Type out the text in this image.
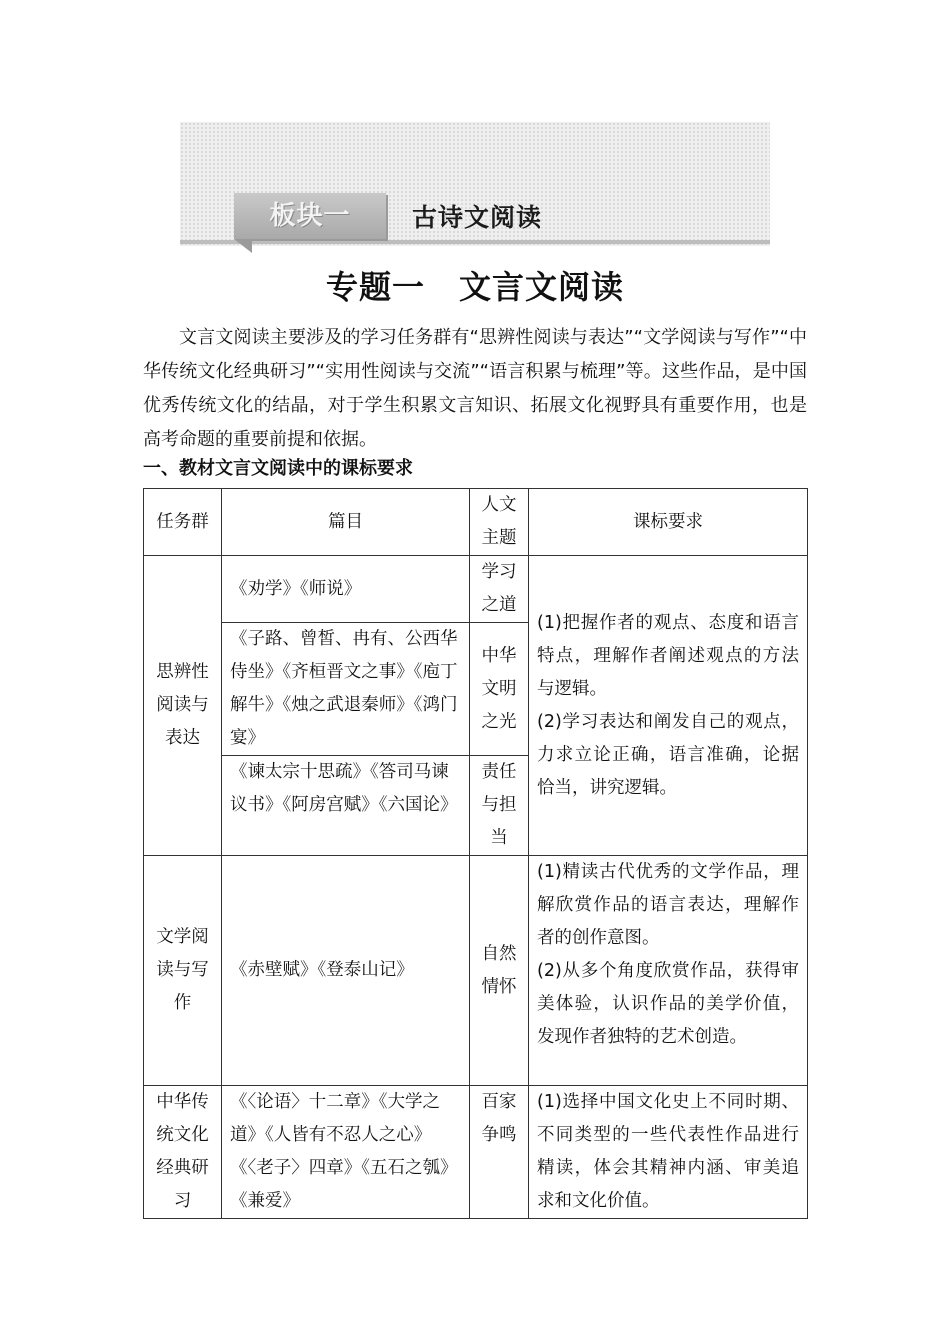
板块一	古诗文阅读
专题一 文言文阅读

文言文阅读主要涉及的学习任务群有“思辨性阅读与表达”“文学阅读与写作”“中华传统文化经典研习”“实用性阅读与交流”“语言积累与梳理”等。这些作品，是中国优秀传统文化的结晶，对于学生积累文言知识、拓展文化视野具有重要作用，也是高考命题的重要前提和依据。

一、教材文言文阅读中的课标要求
任务群	篇目	人文主题	课标要求
思辨性阅读与表达	《劝学》《师说》	学习之道	(1)把握作者的观点、态度和语言特点，理解作者阐述观点的方法与逻辑。
(2)学习表达和阐发自己的观点，力求立论正确，语言准确，论据恰当，讲究逻辑。

	《子路、曾皙、冉有、公西华侍坐》《齐桓晋文之事》《庖丁解牛》《烛之武退秦师》《鸿门宴》	中华文明之光	
	《谏太宗十思疏》《答司马谏议书》《阿房宫赋》《六国论》	责任与担当	
文学阅读与写作	《赤壁赋》《登泰山记》	自然情怀	(1)精读古代优秀的文学作品，理解欣赏作品的语言表达，理解作者的创作意图。
(2)从多个角度欣赏作品，获得审美体验，认识作品的美学价值，发现作者独特的艺术创造。

中华传统文化经典研习	《〈论语〉十二章》《大学之道》《人皆有不忍人之心》《〈老子〉四章》《五石之瓠》《兼爱》	百家争鸣	(1)选择中国文化史上不同时期、不同类型的一些代表性作品进行精读，体会其精神内涵、审美追求和文化价值。
